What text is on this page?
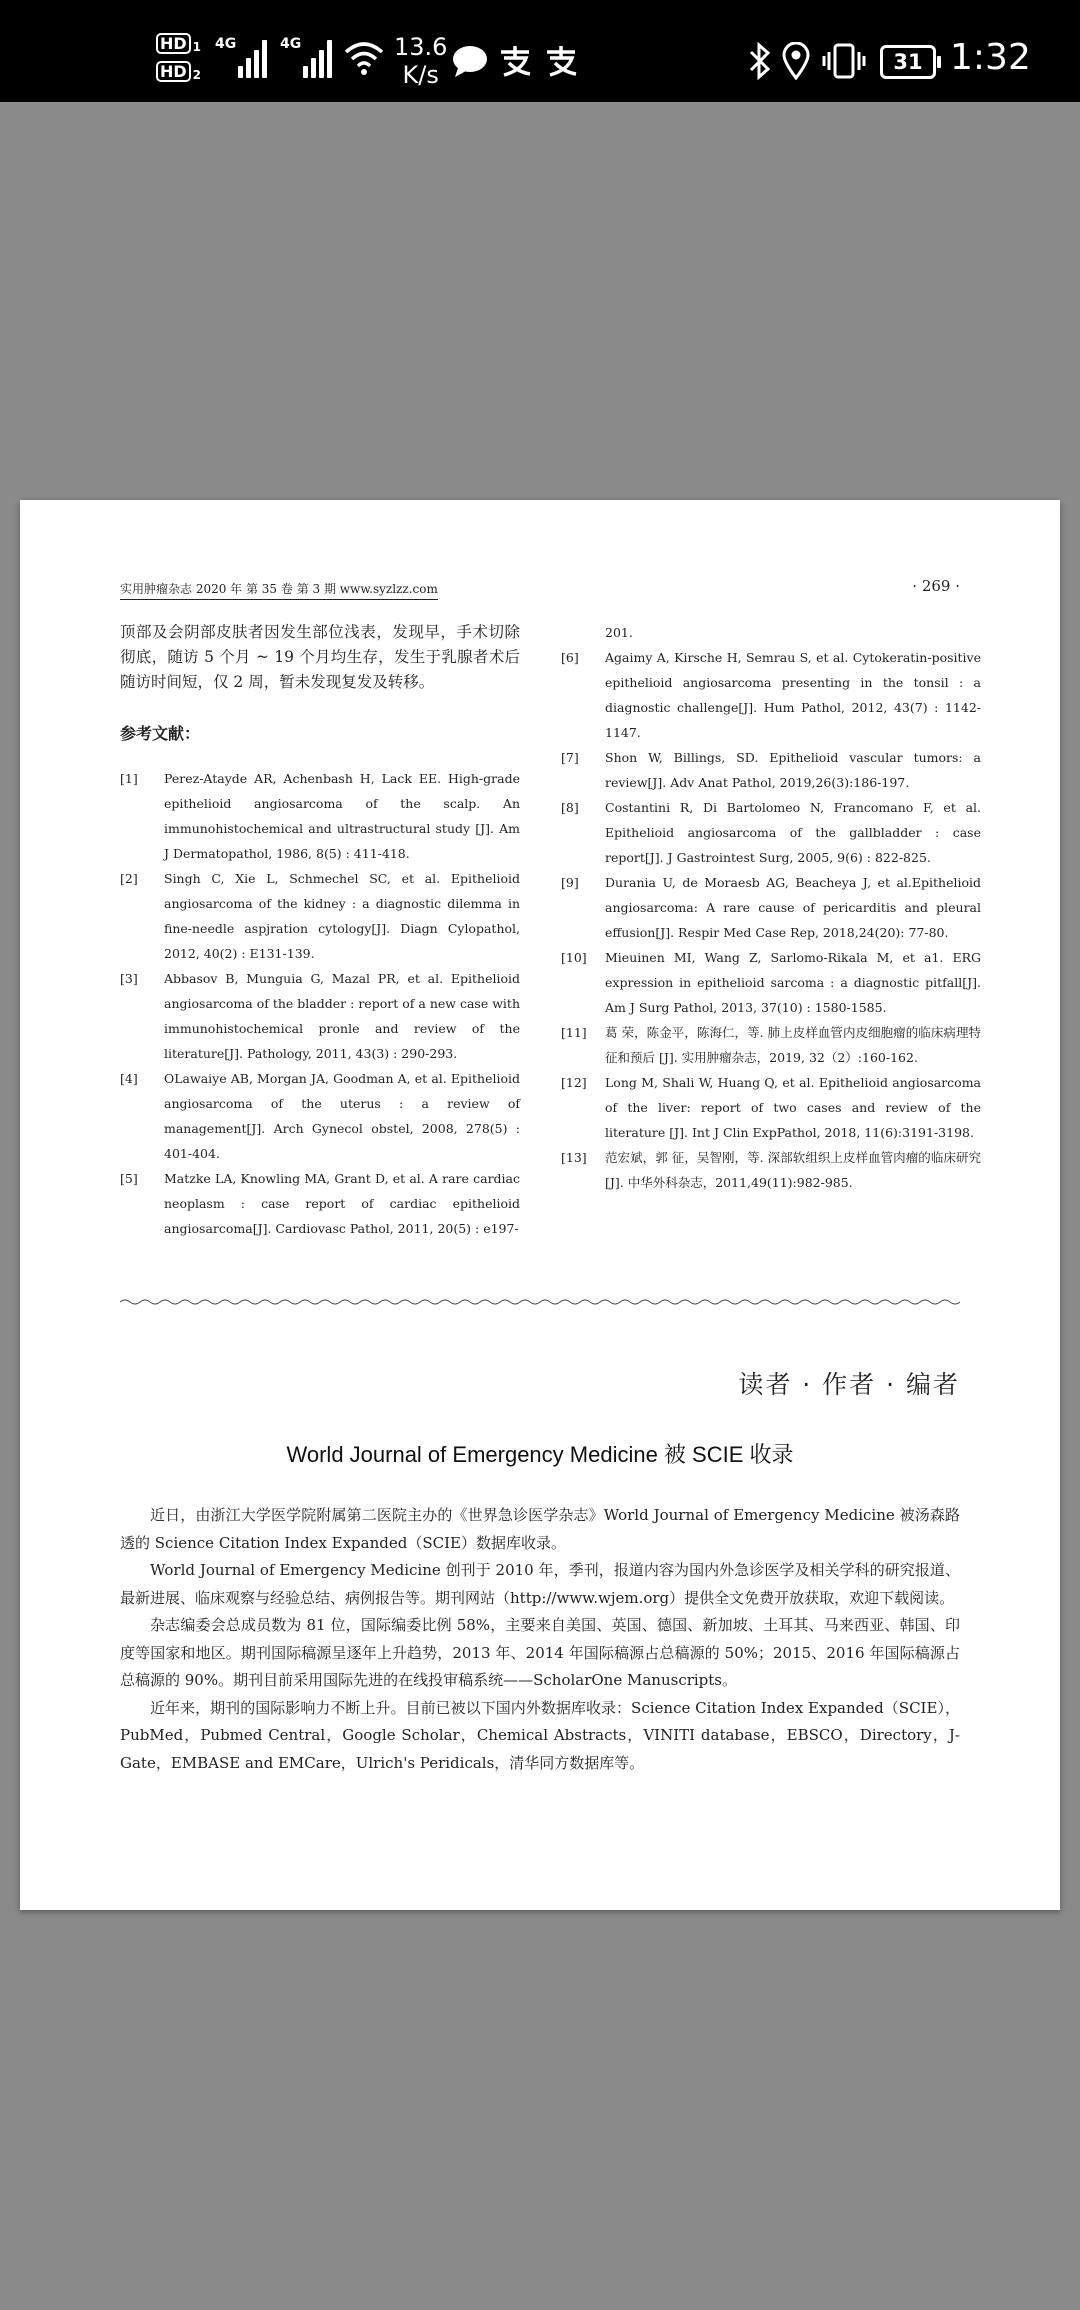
HD 1
HD 2
4G	4G	13.6
K/s	31 1:32
实用肿瘤杂志 2020 年 第 35 卷 第 3 期 www.syzlzz.com	· 269 ·

顶部及会阴部皮肤者因发生部位浅表，发现早，手术切除彻底，随访 5 个月 ~ 19 个月均生存，发生于乳腺者术后随访时间短，仅 2 周，暂未发现复发及转移。

参考文献：
[1]	Perez-Atayde AR, Achenbash H, Lack EE. High-grade epithelioid angiosarcoma of the scalp. An immunohistochemical and ultrastructural study [J]. Am J Dermatopathol, 1986, 8(5) : 411-418.
[2]	Singh C, Xie L, Schmechel SC, et al. Epithelioid angiosarcoma of the kidney : a diagnostic dilemma in fine-needle aspjration cytology[J]. Diagn Cylopathol, 2012, 40(2) : E131-139.
[3]	Abbasov B, Munguia G, Mazal PR, et al. Epithelioid angiosarcoma of the bladder : report of a new case with immunohistochemical pronle and review of the literature[J]. Pathology, 2011, 43(3) : 290-293.
[4]	OLawaiye AB, Morgan JA, Goodman A, et al. Epithelioid angiosarcoma of the uterus : a review of management[J]. Arch Gynecol obstel, 2008, 278(5) : 401-404.
[5]	Matzke LA, Knowling MA, Grant D, et al. A rare cardiac neoplasm : case report of cardiac epithelioid angiosarcoma[J]. Cardiovasc Pathol, 2011, 20(5) : e197-
201.
[6]	Agaimy A, Kirsche H, Semrau S, et al. Cytokeratin-positive epithelioid angiosarcoma presenting in the tonsil : a diagnostic challenge[J]. Hum Pathol, 2012, 43(7) : 1142-1147.
[7]	Shon W, Billings, SD. Epithelioid vascular tumors: a review[J]. Adv Anat Pathol, 2019,26(3):186-197.
[8]	Costantini R, Di Bartolomeo N, Francomano F, et al. Epithelioid angiosarcoma of the gallbladder : case report[J]. J Gastrointest Surg, 2005, 9(6) : 822-825.
[9]	Durania U, de Moraesb AG, Beacheya J, et al.Epithelioid angiosarcoma: A rare cause of pericarditis and pleural effusion[J]. Respir Med Case Rep, 2018,24(20): 77-80.
[10]	Mieuinen MI, Wang Z, Sarlomo-Rikala M, et a1. ERG expression in epithelioid sarcoma : a diagnostic pitfall[J]. Am J Surg Pathol, 2013, 37(10) : 1580-1585.
[11]	葛 荣，陈金平，陈海仁，等. 肺上皮样血管内皮细胞瘤的临床病理特征和预后 [J]. 实用肿瘤杂志，2019, 32（2）:160-162.
[12]	Long M, Shali W, Huang Q, et al. Epithelioid angiosarcoma of the liver: report of two cases and review of the literature [J]. Int J Clin ExpPathol, 2018, 11(6):3191-3198.
[13]	范宏斌，郭 征，吴智刚，等. 深部软组织上皮样血管肉瘤的临床研究 [J]. 中华外科杂志，2011,49(11):982-985.
读者 · 作者 · 编者
World Journal of Emergency Medicine 被 SCIE 收录

近日，由浙江大学医学院附属第二医院主办的《世界急诊医学杂志》World Journal of Emergency Medicine 被汤森路透的 Science Citation Index Expanded（SCIE）数据库收录。

World Journal of Emergency Medicine 创刊于 2010 年，季刊，报道内容为国内外急诊医学及相关学科的研究报道、最新进展、临床观察与经验总结、病例报告等。期刊网站（http://www.wjem.org）提供全文免费开放获取，欢迎下载阅读。

杂志编委会总成员数为 81 位，国际编委比例 58%，主要来自美国、英国、德国、新加坡、土耳其、马来西亚、韩国、印度等国家和地区。期刊国际稿源呈逐年上升趋势，2013 年、2014 年国际稿源占总稿源的 50%；2015、2016 年国际稿源占总稿源的 90%。期刊目前采用国际先进的在线投审稿系统——ScholarOne Manuscripts。

近年来，期刊的国际影响力不断上升。目前已被以下国内外数据库收录：Science Citation Index Expanded（SCIE），PubMed，Pubmed Central，Google Scholar，Chemical Abstracts，VINITI database，EBSCO，Directory，J-Gate，EMBASE and EMCare，Ulrich's Peridicals，清华同方数据库等。
